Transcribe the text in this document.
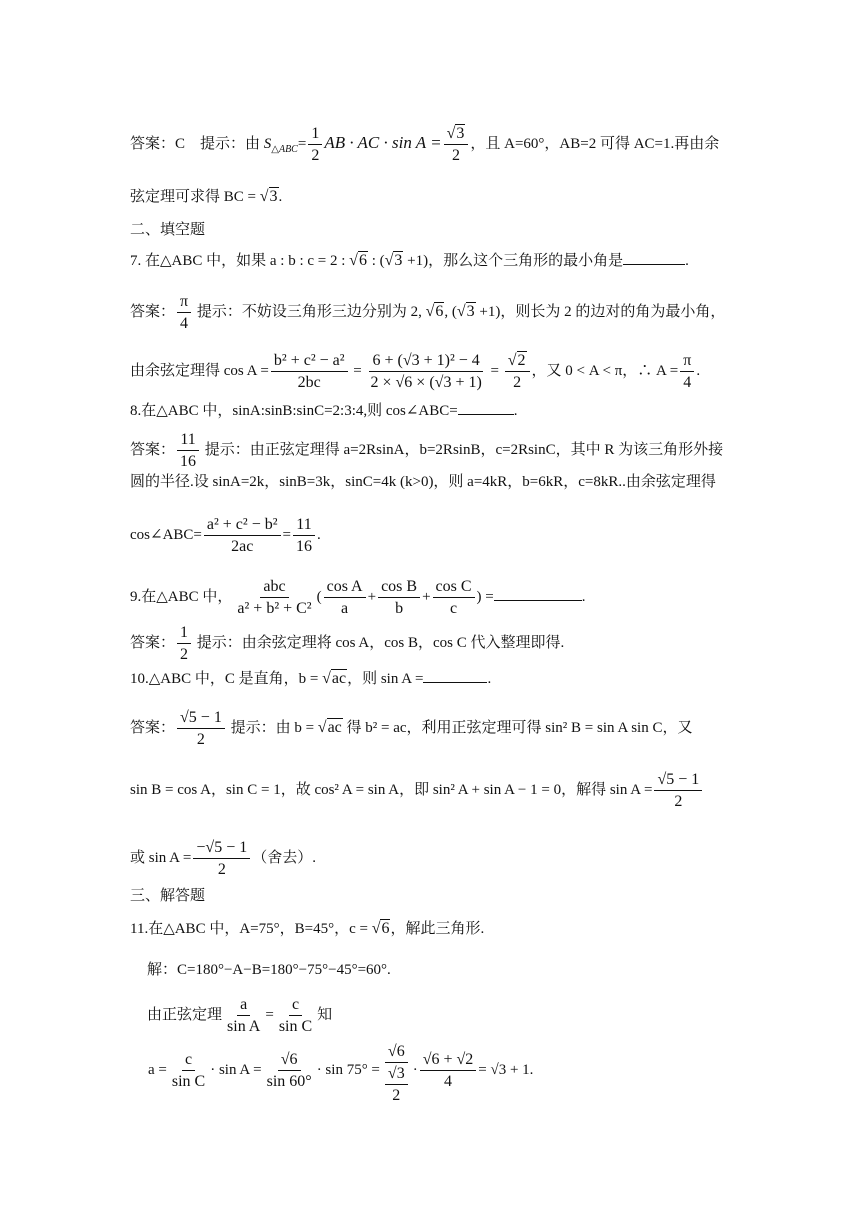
答案：C　提示：由 $S_{\triangle ABC}= \frac{1}{2}$ AB · AC · $\sin A = \frac{√3}{2}$ ，且 A=60°，AB=2 可得 AC=1.再由余
弦定理可求得 BC = √3.
二、填空题
7. 在△ABC 中，如果 a : b : c = 2 : √6 : (√3 +1)，那么这个三角形的最小角是	.
答案： $\frac{\pi}{4}$ 提示：不妨设三角形三边分别为 2, √6, (√3 +1)，则长为 2 的边对的角为最小角，
由余弦定理得 $\cos A = \frac{\text{b² + c² − a²}}{2bc} = \frac{\text{6 + (√3 + 1)² − 4}}{2 \times √6 \times (√3 + 1)} = \frac{√2}{2}$ ，又 0 < A < π，∴ $A = \frac{\pi}{4}$ .
8.在△ABC 中，sinA:sinB:sinC=2:3:4,则 cos∠ABC=	.
答案： $\frac{11}{16}$ 提示：由正弦定理得 a=2RsinA，b=2RsinB，c=2RsinC，其中 R 为该三角形外接
圆的半径.设 sinA=2k，sinB=3k，sinC=4k (k>0)，则 a=4kR，b=6kR，c=8kR..由余弦定理得
cos∠ABC= $\frac{\text{a² + c² − b²}}{2ac} = \frac{11}{16}$ .
9.在△ABC 中， $\frac{\text{abc}}{\text{a² + b² + C²}}$ ( $\frac{\text{cos A}}{a} + \frac{\text{cos B}}{b} + \frac{\text{cos C}}{c}$ ) =	.
答案： $\frac{1}{2}$ 提示：由余弦定理将 cos A，cos B，cos C 代入整理即得.
10.△ABC 中，C 是直角，b = √ac，则 sin A =	.
答案： $\frac{√5 - 1}{2}$ 提示：由 b = √ac 得 b² = ac，利用正弦定理可得 sin² B = sin A sin C，又
sin B = cos A，sin C = 1，故 cos² A = sin A，即 sin² A + sin A − 1 = 0，解得 $\sin A = \frac{√5 - 1}{2}$
或 $\sin A = \frac{-√5 - 1}{2}$ （舍去）.
三、解答题
11.在△ABC 中，A=75°，B=45°，c = √6，解此三角形.
解：C=180°−A−B=180°−75°−45°=60°.
由正弦定理 $\frac{a}{\text{sin A}} = \frac{c}{\text{sin C}}$ 知
$a = \frac{c}{\text{sin C}} \cdot \sin A = \frac{√6}{\sin 60^\circ} \cdot \sin 75^\circ = \frac{√6}{\frac{√3}{2}} \cdot \frac{√6 + √2}{4} = √3 + 1$.
